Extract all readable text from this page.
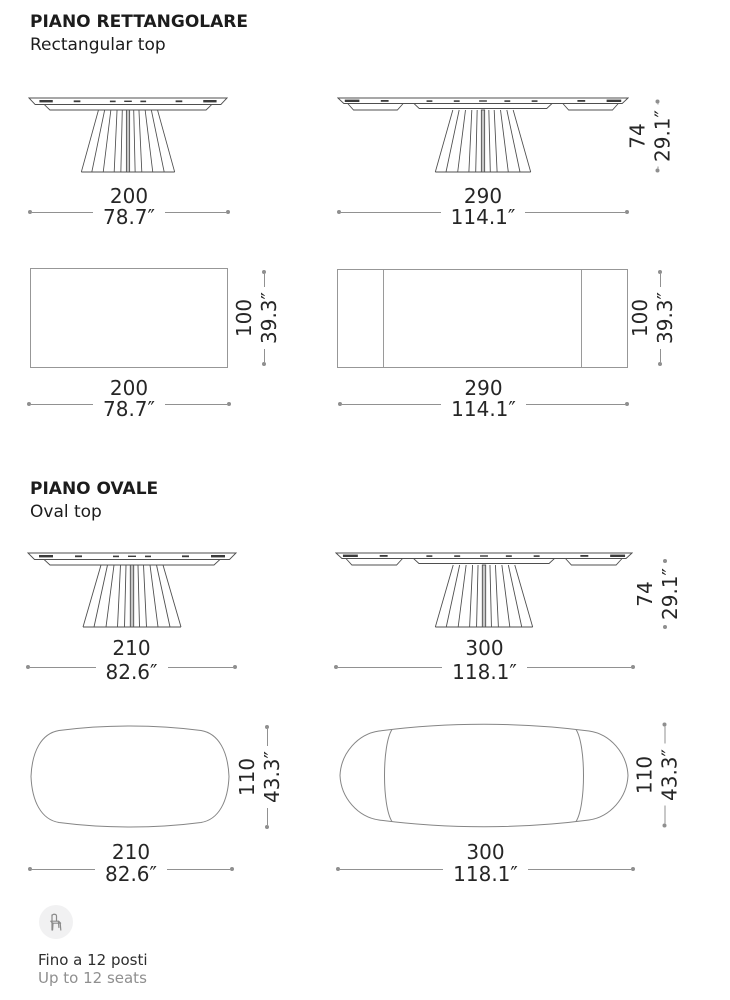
PIANO RETTANGOLARE
Rectangular top
200
78.7″
290
114.1″
74 29.1″
100 39.3″
200
78.7″
100 39.3″
290
114.1″
PIANO OVALE
Oval top
210
82.6″
300
118.1″
74 29.1″
110 43.3″
210
82.6″
110 43.3″
300
118.1″
Fino a 12 posti
Up to 12 seats
